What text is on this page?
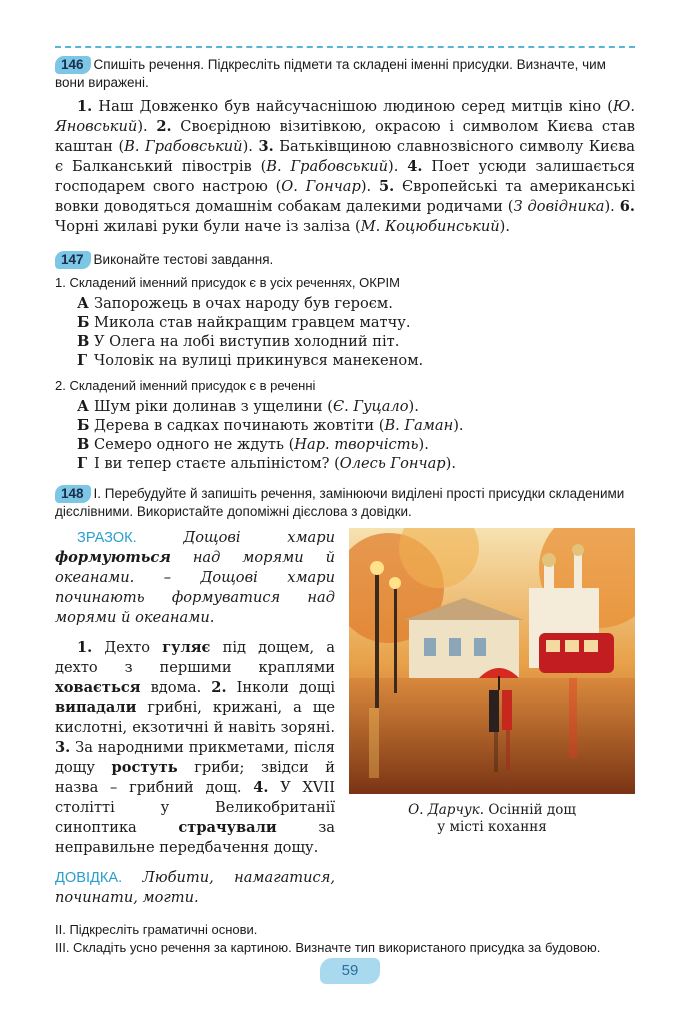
146 Спишіть речення. Підкресліть підмети та складені іменні присудки. Визначте, чим вони виражені.
1. Наш Довженко був найсучаснішою людиною серед митців кіно (Ю. Яновський). 2. Своєрідною візитівкою, окрасою і символом Києва став каштан (В. Грабовський). 3. Батьківщиною славнозвісного символу Києва є Балканський півострів (В. Грабовський). 4. Поет усюди залишається господарем свого настрою (О. Гончар). 5. Європейські та американські вовки доводяться домашнім собакам далекими родичами (З довідника). 6. Чорні жилаві руки були наче із заліза (М. Коцюбинський).
147 Виконайте тестові завдання.
1. Складений іменний присудок є в усіх реченнях, ОКРІМ
А Запорожець в очах народу був героєм.
Б Микола став найкращим гравцем матчу.
В У Олега на лобі виступив холодний піт.
Г Чоловік на вулиці прикинувся манекеном.
2. Складений іменний присудок є в реченні
А Шум ріки долинав з ущелини (Є. Гуцало).
Б Дерева в садках починають жовтіти (В. Гаман).
В Семеро одного не ждуть (Нар. творчість).
Г І ви тепер стаєте альпіністом? (Олесь Гончар).
148 I. Перебудуйте й запишіть речення, замінюючи виділені прості присудки складеними дієслівними. Використайте допоміжні дієслова з довідки.
ЗРАЗОК.	Дощові хмари формуються над морями й океанами. – Дощові хмари починають формуватися над морями й океанами.
1. Дехто гуляє під дощем, а дехто з першими краплями ховається вдома. 2. Інколи дощі випадали грибні, крижані, а ще кислотні, екзотичні й навіть зоряні. 3. За народними прикметами, після дощу ростуть гриби; звідси й назва – грибний дощ. 4. У XVII столітті у Великобританії синоптика	страчували	за неправильне передбачення дощу.
ДОВІДКА. Любити, намагатися, починати, могти.
О. Дарчук. Осінній дощ
у місті кохання
II. Підкресліть граматичні основи.
III. Складіть усно речення за картиною. Визначте тип використаного присудка за будовою.
59
